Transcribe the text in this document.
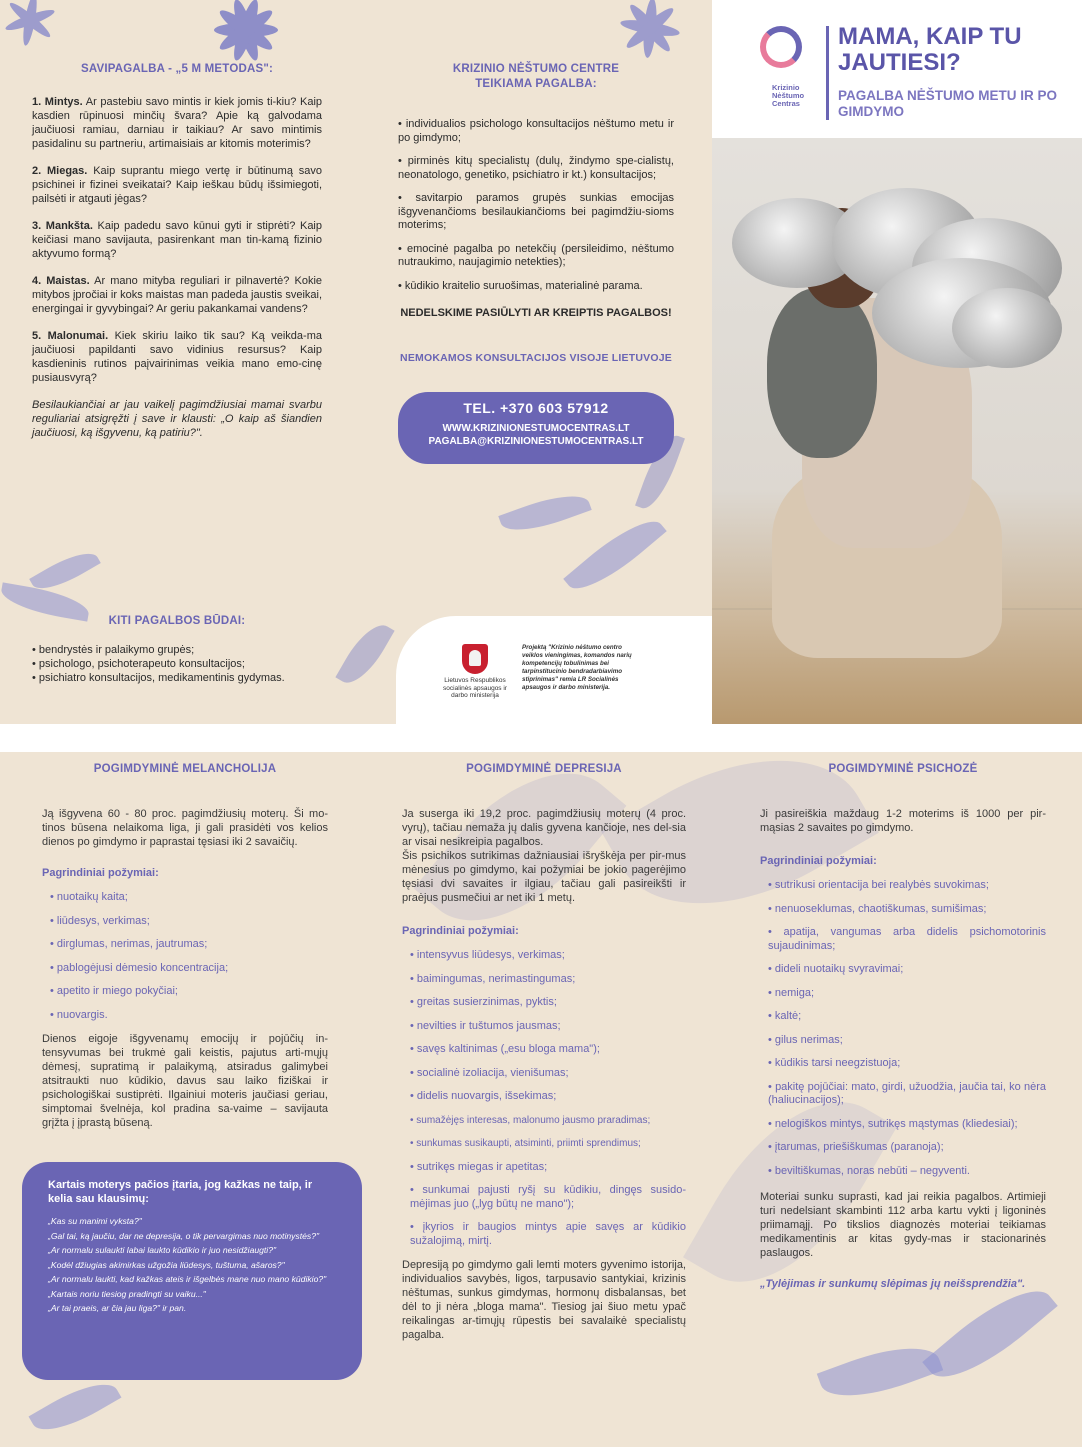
SAVIPAGALBA - „5 M METODAS":
1. Mintys. Ar pastebiu savo mintis ir kiek jomis ti-kiu? Kaip kasdien rūpinuosi minčių švara? Apie ką galvodama jaučiuosi ramiau, darniau ir taikiau? Ar savo mintimis pasidalinu su partneriu, artimaisiais ar kitomis moterimis?
2. Miegas. Kaip suprantu miego vertę ir būtinumą savo psichinei ir fizinei sveikatai? Kaip ieškau būdų išsimiegoti, pailsėti ir atgauti jėgas?
3. Mankšta. Kaip padedu savo kūnui gyti ir stiprėti? Kaip keičiasi mano savijauta, pasirenkant man tin-kamą fizinio aktyvumo formą?
4. Maistas. Ar mano mityba reguliari ir pilnavertė? Kokie mitybos įpročiai ir koks maistas man padeda jaustis sveikai, energingai ir gyvybingai? Ar geriu pakankamai vandens?
5. Malonumai. Kiek skiriu laiko tik sau? Ką veikda-ma jaučiuosi papildanti savo vidinius resursus? Kaip kasdieninis rutinos paįvairinimas veikia mano emo-cinę pusiausvyrą?
Besilaukiančiai ar jau vaikelį pagimdžiusiai mamai svarbu reguliariai atsigręžti į save ir klausti: „O kaip aš šiandien jaučiuosi, ką išgyvenu, ką patiriu?".
KITI PAGALBOS BŪDAI:
• bendrystės ir palaikymo grupės;
• psichologo, psichoterapeuto konsultacijos;
• psichiatro konsultacijos, medikamentinis gydymas.
KRIZINIO NĖŠTUMO CENTRE
TEIKIAMA PAGALBA:
• individualios psichologo konsultacijos nėštumo metu ir po gimdymo;
• pirminės kitų specialistų (dulų, žindymo spe-cialistų, neonatologo, genetiko, psichiatro ir kt.) konsultacijos;
• savitarpio paramos grupės sunkias emocijas išgyvenančioms besilaukiančioms bei pagimdžiu-sioms moterims;
• emocinė pagalba po netekčių (persileidimo, nėštumo nutraukimo, naujagimio netekties);
• kūdikio kraitelio suruošimas, materialinė parama.
NEDELSKIME PASIŪLYTI AR KREIPTIS PAGALBOS!
NEMOKAMOS KONSULTACIJOS VISOJE LIETUVOJE
TEL. +370 603 57912
WWW.KRIZINIONESTUMOCENTRAS.LT
PAGALBA@KRIZINIONESTUMOCENTRAS.LT
Lietuvos Respublikos socialinės apsaugos ir darbo ministerija
Projektą "Krizinio nėštumo centro veiklos vieningimas, komandos narių kompetencijų tobulinimas bei tarpinstitucinio bendradarbiavimo stiprinimas" remia LR Socialinės apsaugos ir darbo ministerija.
Krizinio Nėštumo Centras
MAMA, KAIP TU JAUTIESI?
PAGALBA NĖŠTUMO METU IR PO GIMDYMO
POGIMDYMINĖ MELANCHOLIJA
Ją išgyvena 60 - 80 proc. pagimdžiusių moterų. Ši mo-tinos būsena nelaikoma liga, ji gali prasidėti vos kelios dienos po gimdymo ir paprastai tęsiasi iki 2 savaičių.
Pagrindiniai požymiai:
• nuotaikų kaita;
• liūdesys, verkimas;
• dirglumas, nerimas, jautrumas;
• pablogėjusi dėmesio koncentracija;
• apetito ir miego pokyčiai;
• nuovargis.
Dienos eigoje išgyvenamų emocijų ir pojūčių in-tensyvumas bei trukmė gali keistis, pajutus arti-mųjų dėmesį, supratimą ir palaikymą, atsiradus galimybei atsitraukti nuo kūdikio, davus sau laiko fiziškai ir psichologiškai sustiprėti. Ilgainiui moteris jaučiasi geriau, simptomai švelnėja, kol pradina sa-vaime – savijauta grįžta į įprastą būseną.
Kartais moterys pačios įtaria, jog kažkas ne taip, ir kelia sau klausimų:
„Kas su manimi vyksta?"
„Gal tai, ką jaučiu, dar ne depresija, o tik pervargimas nuo motinystės?"
„Ar normalu sulaukti labai laukto kūdikio ir juo nesidžiaugti?"
„Kodėl džiugias akimirkas užgožia liūdesys, tuštuma, ašaros?"
„Ar normalu laukti, kad kažkas ateis ir išgelbės mane nuo mano kūdikio?"
„Kartais noriu tiesiog pradingti su vaiku..."
„Ar tai praeis, ar čia jau liga?" ir pan.
POGIMDYMINĖ DEPRESIJA
Ja suserga iki 19,2 proc. pagimdžiusių moterų (4 proc. vyrų), tačiau nemaža jų dalis gyvena kančioje, nes del-sia ar visai nesikreipia pagalbos.
Šis psichikos sutrikimas dažniausiai išryškėja per pir-mus mėnesius po gimdymo, kai požymiai be jokio pagerėjimo tęsiasi dvi savaites ir ilgiau, tačiau gali pasireikšti ir praėjus pusmečiui ar net iki 1 metų.
Pagrindiniai požymiai:
• intensyvus liūdesys, verkimas;
• baimingumas, nerimastingumas;
• greitas susierzinimas, pyktis;
• nevilties ir tuštumos jausmas;
• savęs kaltinimas („esu bloga mama");
• socialinė izoliacija, vienišumas;
• didelis nuovargis, išsekimas;
• sumažėjęs interesas, malonumo jausmo praradimas;
• sunkumas susikaupti, atsiminti, priimti sprendimus;
• sutrikęs miegas ir apetitas;
• sunkumai pajusti ryšį su kūdikiu, dingęs susido-mėjimas juo („lyg būtų ne mano");
• įkyrios ir baugios mintys apie savęs ar kūdikio sužalojimą, mirtį.
Depresiją po gimdymo gali lemti moters gyvenimo istorija, individualios savybės, ligos, tarpusavio santykiai, krizinis nėštumas, sunkus gimdymas, hormonų disbalansas, bet dėl to ji nėra „bloga mama". Tiesiog jai šiuo metu ypač reikalingas ar-timųjų rūpestis bei savalaikė specialistų pagalba.
POGIMDYMINĖ PSICHOZĖ
Ji pasireiškia maždaug 1-2 moterims iš 1000 per pir-mąsias 2 savaites po gimdymo.
Pagrindiniai požymiai:
• sutrikusi orientacija bei realybės suvokimas;
• nenuoseklumas, chaotiškumas, sumišimas;
• apatija, vangumas arba didelis psichomotorinis sujaudinimas;
• dideli nuotaikų svyravimai;
• nemiga;
• kaltė;
• gilus nerimas;
• kūdikis tarsi neegzistuoja;
• pakitę pojūčiai: mato, girdi, užuodžia, jaučia tai, ko nėra (haliucinacijos);
• nelogiškos mintys, sutrikęs mąstymas (kliedesiai);
• įtarumas, priešiškumas (paranoja);
• beviltiškumas, noras nebūti – negyventi.
Moteriai sunku suprasti, kad jai reikia pagalbos. Artimieji turi nedelsiant skambinti 112 arba kartu vykti į ligoninės priimamąjį. Po tikslios diagnozės moteriai teikiamas medikamentinis ar kitas gydy-mas ir stacionarinės paslaugos.
„Tylėjimas ir sunkumų slėpimas jų neišsprendžia".
